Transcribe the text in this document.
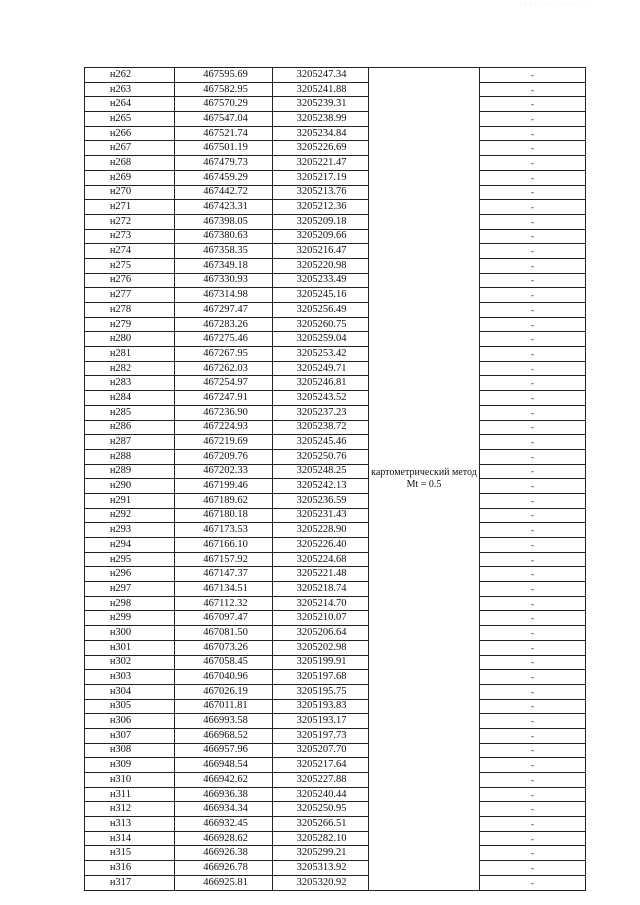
· · · · · · · · · · · · · ·
н262	467595.69	3205247.34	картометрический метод Mt = 0.5	-
н263	467582.95	3205241.88		-
н264	467570.29	3205239.31		-
н265	467547.04	3205238.99		-
н266	467521.74	3205234.84		-
н267	467501.19	3205226.69		-
н268	467479.73	3205221.47		-
н269	467459.29	3205217.19		-
н270	467442.72	3205213.76		-
н271	467423.31	3205212.36		-
н272	467398.05	3205209.18		-
н273	467380.63	3205209.66		-
н274	467358.35	3205216.47		-
н275	467349.18	3205220.98		-
н276	467330.93	3205233.49		-
н277	467314.98	3205245.16		-
н278	467297.47	3205256.49		-
н279	467283.26	3205260.75		-
н280	467275.46	3205259.04		-
н281	467267.95	3205253.42		-
н282	467262.03	3205249.71		-
н283	467254.97	3205246.81		-
н284	467247.91	3205243.52		-
н285	467236.90	3205237.23		-
н286	467224.93	3205238.72		-
н287	467219.69	3205245.46		-
н288	467209.76	3205250.76		-
н289	467202.33	3205248.25		-
н290	467199.46	3205242.13		-
н291	467189.62	3205236.59		-
н292	467180.18	3205231.43		-
н293	467173.53	3205228.90		-
н294	467166.10	3205226.40		-
н295	467157.92	3205224.68		-
н296	467147.37	3205221.48		-
н297	467134.51	3205218.74		-
н298	467112.32	3205214.70		-
н299	467097.47	3205210.07		-
н300	467081.50	3205206.64		-
н301	467073.26	3205202.98		-
н302	467058.45	3205199.91		-
н303	467040.96	3205197.68		-
н304	467026.19	3205195.75		-
н305	467011.81	3205193.83		-
н306	466993.58	3205193.17		-
н307	466968.52	3205197.73		-
н308	466957.96	3205207.70		-
н309	466948.54	3205217.64		-
н310	466942.62	3205227.88		-
н311	466936.38	3205240.44		-
н312	466934.34	3205250.95		-
н313	466932.45	3205266.51		-
н314	466928.62	3205282.10		-
н315	466926.38	3205299.21		-
н316	466926.78	3205313.92		-
н317	466925.81	3205320.92		-
